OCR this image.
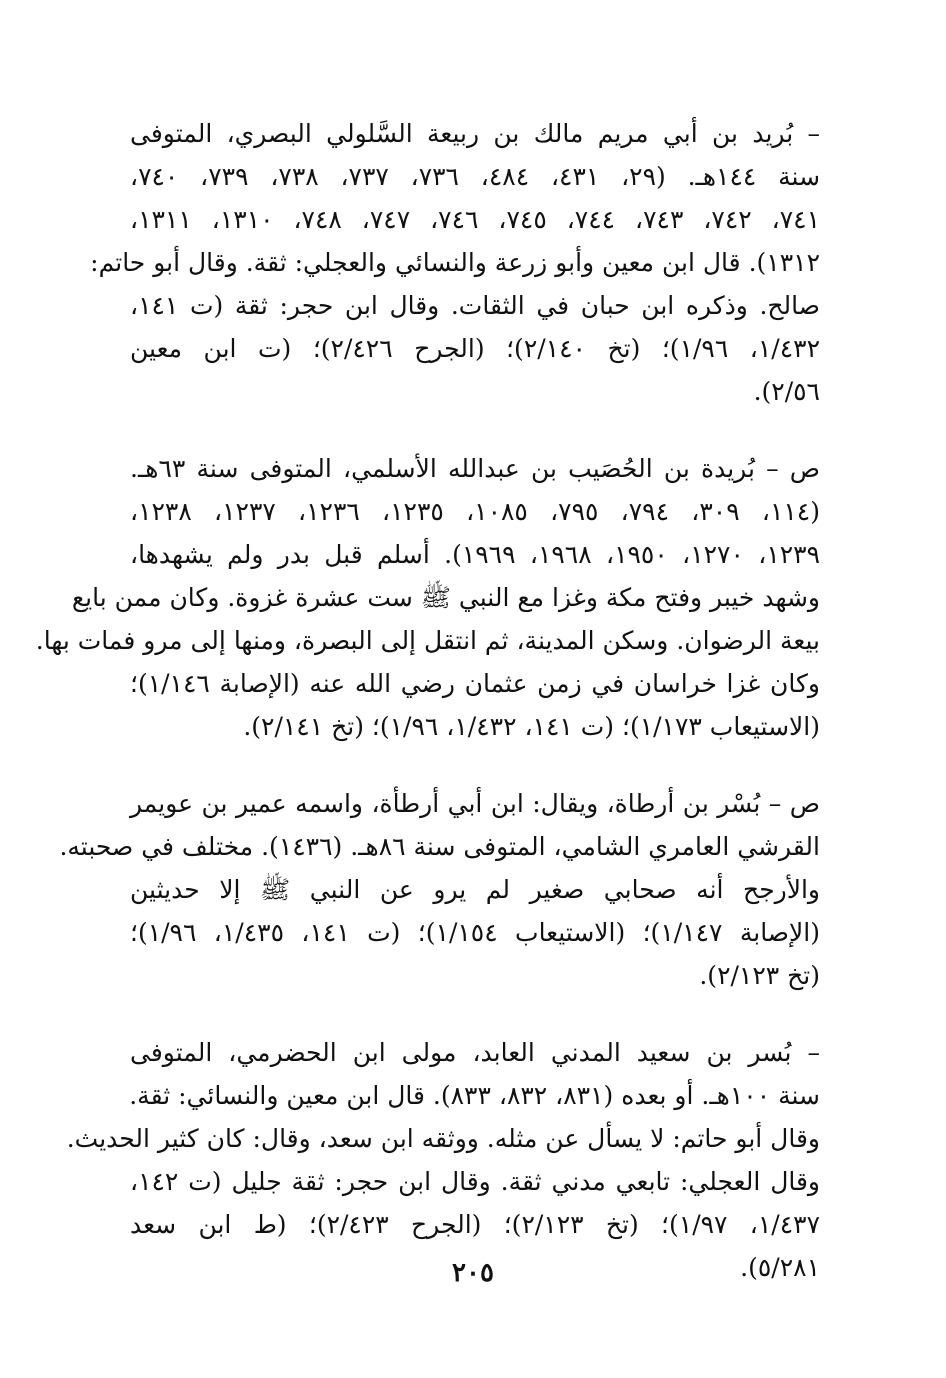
– بُريد بن أبي مريم مالك بن ربيعة السَّلولي البصري، المتوفى
سنة ١٤٤هـ. (٢٩، ٤٣١، ٤٨٤، ٧٣٦، ٧٣٧، ٧٣٨، ٧٣٩، ٧٤٠،
٧٤١، ٧٤٢، ٧٤٣، ٧٤٤، ٧٤٥، ٧٤٦، ٧٤٧، ٧٤٨، ١٣١٠، ١٣١١،
١٣١٢). قال ابن معين وأبو زرعة والنسائي والعجلي: ثقة. وقال أبو حاتم:
صالح. وذكره ابن حبان في الثقات. وقال ابن حجر: ثقة (ت ١٤١،
١/٤٣٢، ١/٩٦)؛ (تخ ٢/١٤٠)؛ (الجرح ٢/٤٢٦)؛ (ت ابن معين
٢/٥٦).
ص – بُريدة بن الحُصَيب بن عبدالله الأسلمي، المتوفى سنة ٦٣هـ.
(١١٤، ٣٠٩، ٧٩٤، ٧٩٥، ١٠٨٥، ١٢٣٥، ١٢٣٦، ١٢٣٧، ١٢٣٨،
١٢٣٩، ١٢٧٠، ١٩٥٠، ١٩٦٨، ١٩٦٩). أسلم قبل بدر ولم يشهدها،
وشهد خيبر وفتح مكة وغزا مع النبي ﷺ ست عشرة غزوة. وكان ممن بايع
بيعة الرضوان. وسكن المدينة، ثم انتقل إلى البصرة، ومنها إلى مرو فمات بها.
وكان غزا خراسان في زمن عثمان رضي الله عنه (الإصابة ١/١٤٦)؛
(الاستيعاب ١/١٧٣)؛ (ت ١٤١، ١/٤٣٢، ١/٩٦)؛ (تخ ٢/١٤١).
ص – بُسْر بن أرطاة، ويقال: ابن أبي أرطأة، واسمه عمير بن عويمر
القرشي العامري الشامي، المتوفى سنة ٨٦هـ. (١٤٣٦). مختلف في صحبته.
والأرجح أنه صحابي صغير لم يرو عن النبي ﷺ إلا حديثين
(الإصابة ١/١٤٧)؛ (الاستيعاب ١/١٥٤)؛ (ت ١٤١، ١/٤٣٥، ١/٩٦)؛
(تخ ٢/١٢٣).
– بُسر بن سعيد المدني العابد، مولى ابن الحضرمي، المتوفى
سنة ١٠٠هـ. أو بعده (٨٣١، ٨٣٢، ٨٣٣). قال ابن معين والنسائي: ثقة.
وقال أبو حاتم: لا يسأل عن مثله. ووثقه ابن سعد، وقال: كان كثير الحديث.
وقال العجلي: تابعي مدني ثقة. وقال ابن حجر: ثقة جليل (ت ١٤٢،
١/٤٣٧، ١/٩٧)؛ (تخ ٢/١٢٣)؛ (الجرح ٢/٤٢٣)؛ (ط ابن سعد
٥/٢٨١).
٢٠٥
